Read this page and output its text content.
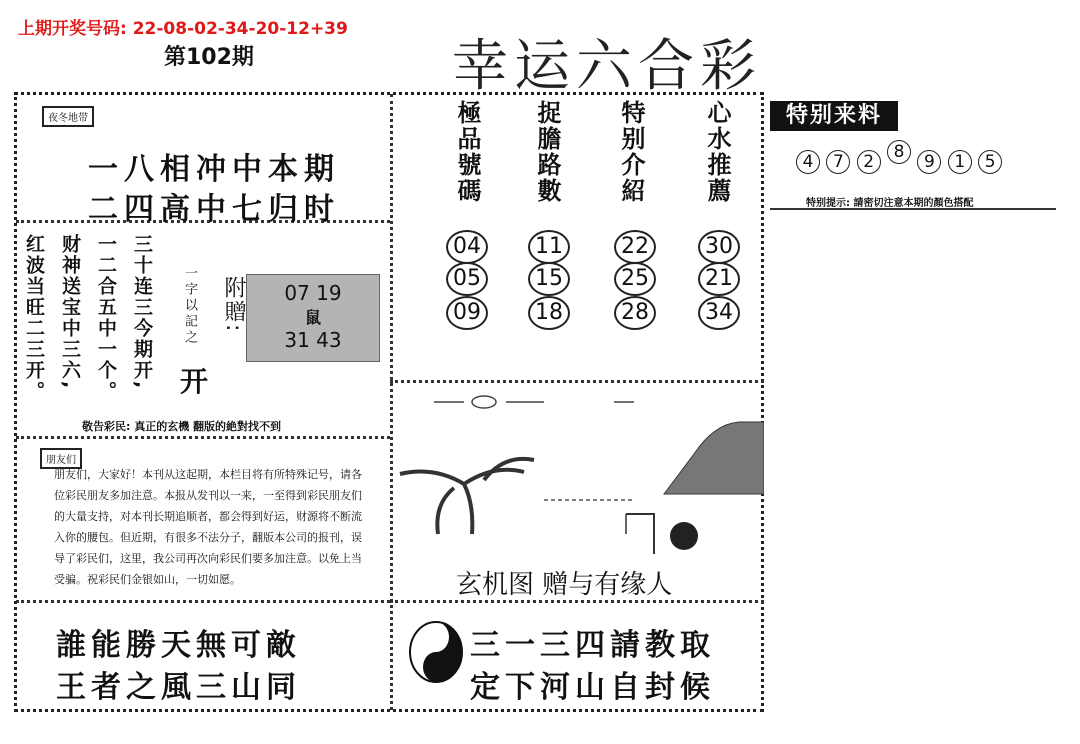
上期开奖号码: 22-08-02-34-20-12+39
第102期	幸运六合彩
夜冬地带
一八相冲中本期
二四高中七归时
三十连三今期开,
一二合五中一个。
财神送宝中三六,
红波当旺二三开。	一字以記之 附贈:
开
07 19
鼠
31 43
敬告彩民: 真正的玄機 翻版的絶對找不到
朋友们
朋友们，大家好！本刊从这起期，本栏目将有所特殊记号，请各位彩民朋友多加注意。本报从发刊以一来，一至得到彩民朋友们的大量支持，对本刊长期追顺者，都会得到好运，财源将不断流入你的腰包。但近期，有很多不法分子，翻版本公司的报刊，误导了彩民们，这里，我公司再次向彩民们要多加注意。以免上当受骗。祝彩民们金银如山，一切如愿。
誰能勝天無可敵
王者之風三山同
極品號碼 捉膽路數 特别介紹 心水推薦
04
05
09
11
15
18
22
25
28
30
21
34
玄机图 赠与有缘人
三一三四請教取
定下河山自封候
特别来料
4 7 2 8 9 1 5
特别提示: 請密切注意本期的顏色搭配
